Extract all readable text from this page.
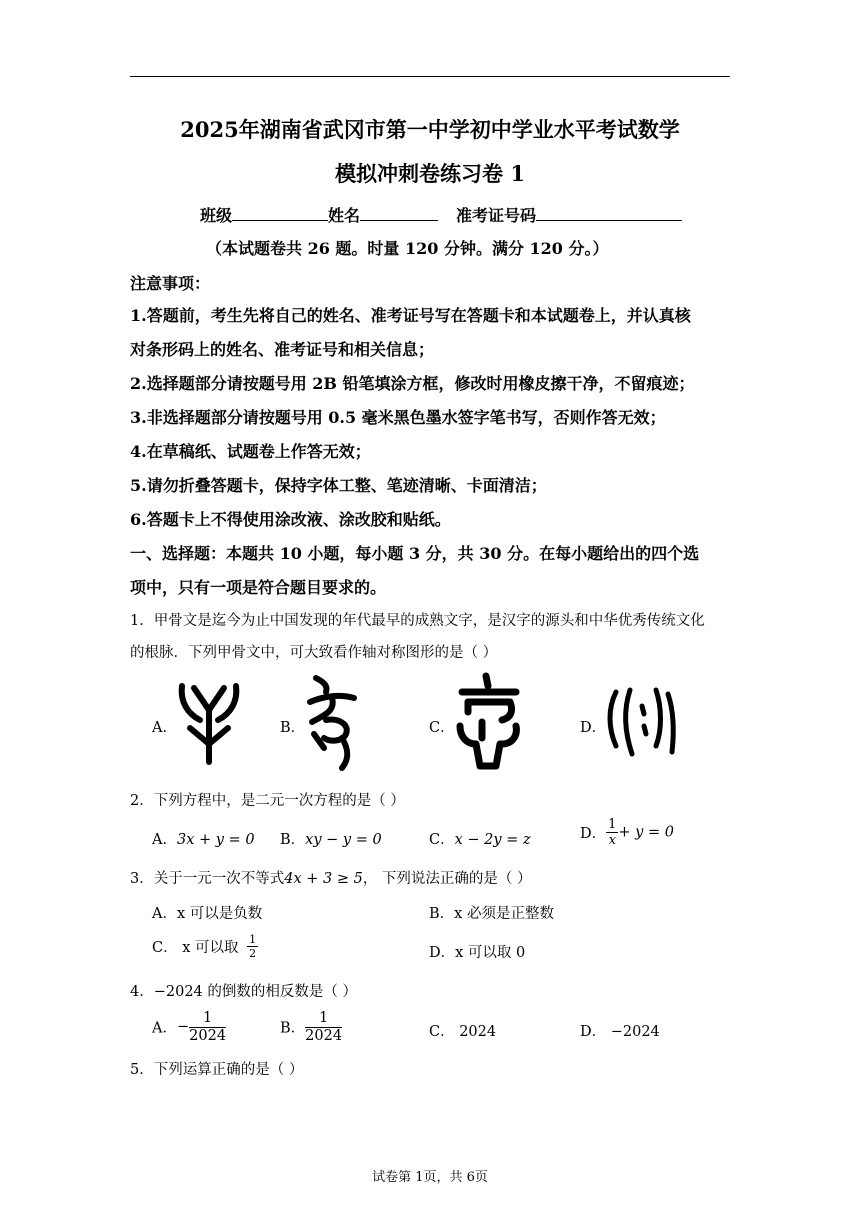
2025年湖南省武冈市第一中学初中学业水平考试数学
模拟冲刺卷练习卷 1
班级	姓名	准考证号码
（本试题卷共 26 题。时量 120 分钟。满分 120 分。）
注意事项：
1.答题前，考生先将自己的姓名、准考证号写在答题卡和本试题卷上，并认真核
对条形码上的姓名、准考证号和相关信息；
2.选择题部分请按题号用 2B 铅笔填涂方框，修改时用橡皮擦干净，不留痕迹；
3.非选择题部分请按题号用 0.5 毫米黑色墨水签字笔书写，否则作答无效；
4.在草稿纸、试题卷上作答无效；
5.请勿折叠答题卡，保持字体工整、笔迹清晰、卡面清洁；
6.答题卡上不得使用涂改液、涂改胶和贴纸。
一、选择题：本题共 10 小题，每小题 3 分，共 30 分。在每小题给出的四个选
项中，只有一项是符合题目要求的。
1．甲骨文是迄今为止中国发现的年代最早的成熟文字，是汉字的源头和中华优秀传统文化
的根脉．下列甲骨文中，可大致看作轴对称图形的是（ ）
A．	B．	C．	D．
2．下列方程中，是二元一次方程的是（ ）
A．3x + y = 0 B．xy − y = 0	C．x − 2y = z	D． $\frac{1}{x} + y = 0$
3．关于一元一次不等式4x + 3 ≥ 5， 下列说法正确的是（ ）
A．x 可以是负数	B．x 必须是正整数
C． x 可以取 $\frac{1}{2}$	D．x 可以取 0
4．−2024 的倒数的相反数是（ ）
A．− $\frac{1}{2024}$	B． $\frac{1}{2024}$	C． 2024	D． −2024
5．下列运算正确的是（ ）
试卷第 1页，共 6页
